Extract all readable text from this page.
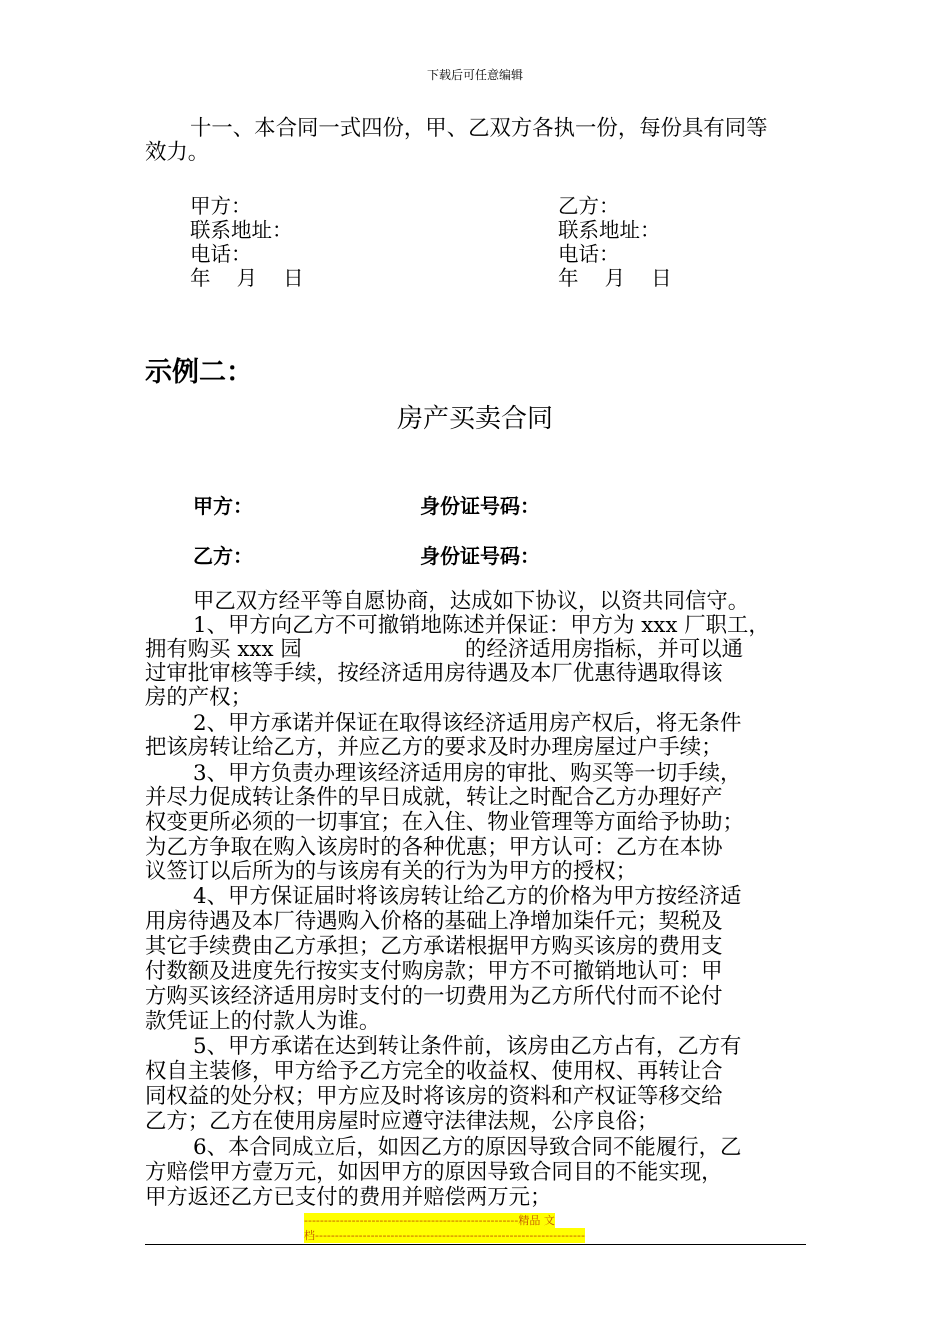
下载后可任意编辑
十一、本合同一式四份，甲、乙双方各执一份，每份具有同等
效力。
甲方：
联系地址：
电话：
年    月    日
乙方：
联系地址：
电话：
年    月    日
示例二：
房产买卖合同
甲方：	身份证号码：
乙方：	身份证号码：
甲乙双方经平等自愿协商，达成如下协议，以资共同信守。
1、甲方向乙方不可撤销地陈述并保证：甲方为 xxx 厂职工，
拥有购买 xxx 园                        的经济适用房指标，并可以通
过审批审核等手续，按经济适用房待遇及本厂优惠待遇取得该
房的产权；
2、甲方承诺并保证在取得该经济适用房产权后，将无条件
把该房转让给乙方，并应乙方的要求及时办理房屋过户手续；
3、甲方负责办理该经济适用房的审批、购买等一切手续，
并尽力促成转让条件的早日成就，转让之时配合乙方办理好产
权变更所必须的一切事宜；在入住、物业管理等方面给予协助；
为乙方争取在购入该房时的各种优惠；甲方认可：乙方在本协
议签订以后所为的与该房有关的行为为甲方的授权；
4、甲方保证届时将该房转让给乙方的价格为甲方按经济适
用房待遇及本厂待遇购入价格的基础上净增加柒仟元；契税及
其它手续费由乙方承担；乙方承诺根据甲方购买该房的费用支
付数额及进度先行按实支付购房款；甲方不可撤销地认可：甲
方购买该经济适用房时支付的一切费用为乙方所代付而不论付
款凭证上的付款人为谁。
5、甲方承诺在达到转让条件前，该房由乙方占有，乙方有
权自主装修，甲方给予乙方完全的收益权、使用权、再转让合
同权益的处分权；甲方应及时将该房的资料和产权证等移交给
乙方；乙方在使用房屋时应遵守法律法规，公序良俗；
6、本合同成立后，如因乙方的原因导致合同不能履行，乙
方赔偿甲方壹万元，如因甲方的原因导致合同目的不能实现，
甲方返还乙方已支付的费用并赔偿两万元；
------------------------------------------------------精品 文
档--------------------------------------------------------------------
